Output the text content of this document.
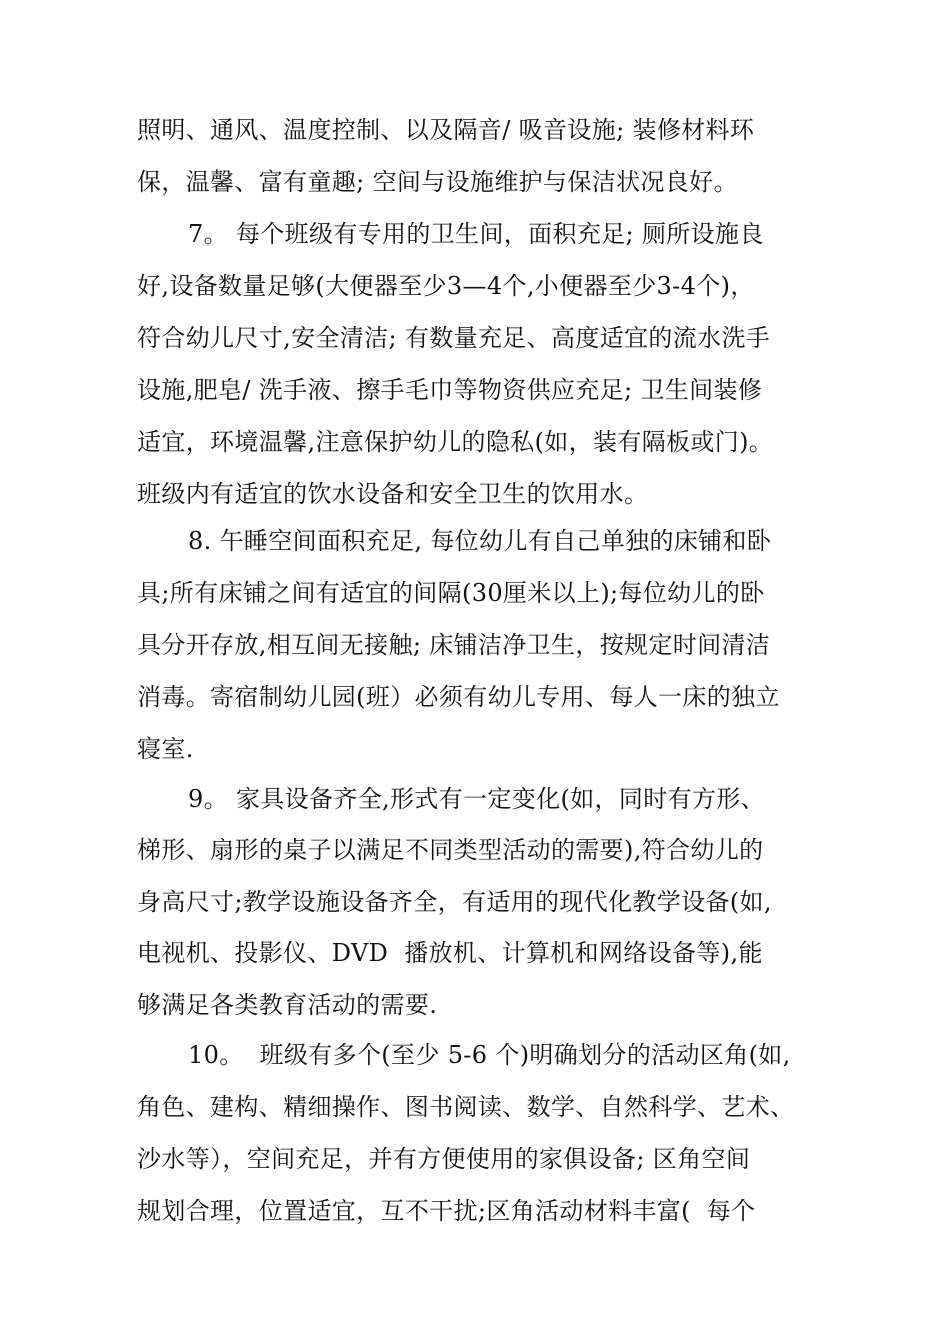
照明、通风、温度控制、以及隔音/ 吸音设施; 装修材料环
保，温馨、富有童趣; 空间与设施维护与保洁状况良好。
7。 每个班级有专用的卫生间，面积充足; 厕所设施良
好,设备数量足够(大便器至少3—4个,小便器至少3-4个)，
符合幼儿尺寸,安全清洁; 有数量充足、高度适宜的流水洗手
设施,肥皂/ 洗手液、擦手毛巾等物资供应充足; 卫生间装修
适宜，环境温馨,注意保护幼儿的隐私(如，装有隔板或门)。
班级内有适宜的饮水设备和安全卫生的饮用水。
8. 午睡空间面积充足, 每位幼儿有自己单独的床铺和卧
具;所有床铺之间有适宜的间隔(30厘米以上);每位幼儿的卧
具分开存放,相互间无接触; 床铺洁净卫生，按规定时间清洁
消毒。寄宿制幼儿园(班）必须有幼儿专用、每人一床的独立
寝室.
9。 家具设备齐全,形式有一定变化(如，同时有方形、
梯形、扇形的桌子以满足不同类型活动的需要),符合幼儿的
身高尺寸;教学设施设备齐全，有适用的现代化教学设备(如,
电视机、投影仪、DVD  播放机、计算机和网络设备等),能
够满足各类教育活动的需要.
10。  班级有多个(至少 5-6 个)明确划分的活动区角(如,
角色、建构、精细操作、图书阅读、数学、自然科学、艺术、
沙水等），空间充足，并有方便使用的家俱设备; 区角空间
规划合理，位置适宜，互不干扰;区角活动材料丰富(  每个
